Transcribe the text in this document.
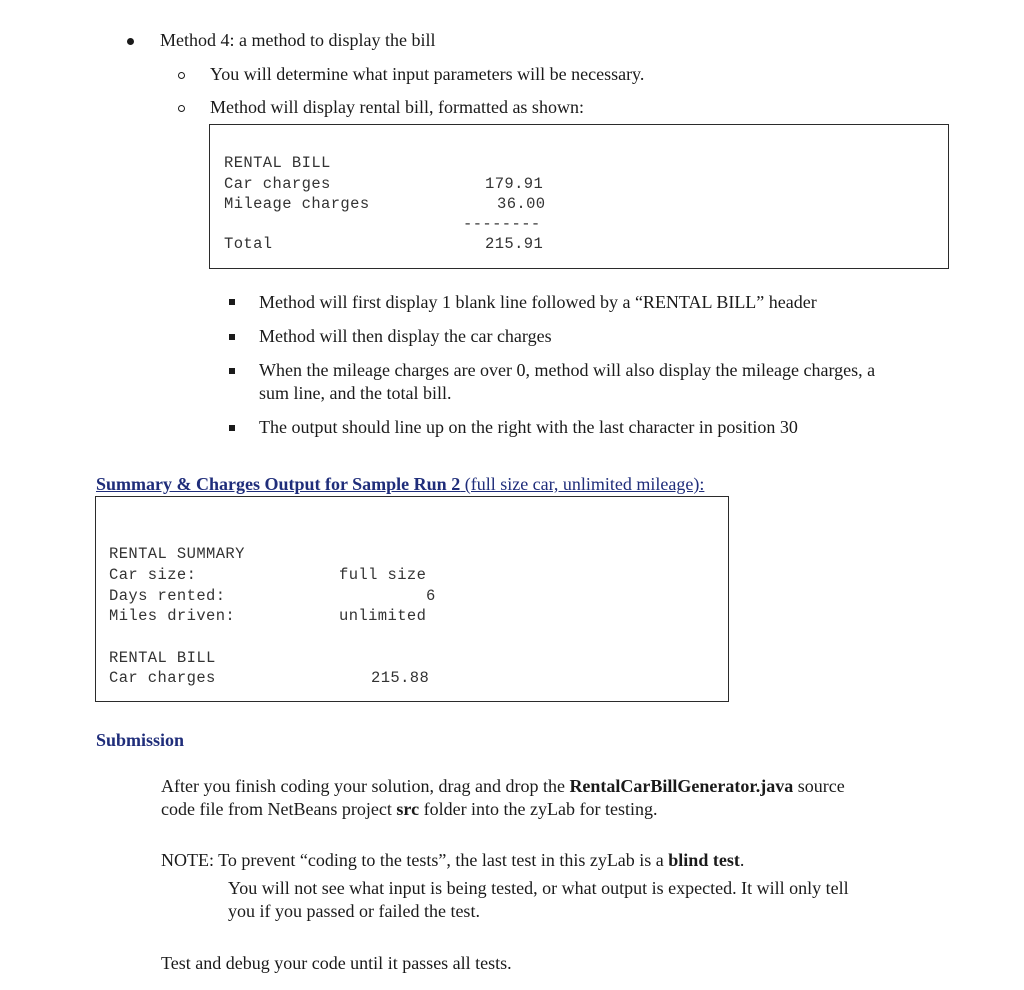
Method 4: a method to display the bill
You will determine what input parameters will be necessary.
Method will display rental bill, formatted as shown:
RENTAL BILL
Car charges	179.91
Mileage charges	36.00
--------
Total	215.91
Method will first display 1 blank line followed by a “RENTAL BILL” header
Method will then display the car charges
When the mileage charges are over 0, method will also display the mileage charges, a
sum line, and the total bill.
The output should line up on the right with the last character in position 30
Summary & Charges Output for Sample Run 2 (full size car, unlimited mileage):
RENTAL SUMMARY
Car size:	full size
Days rented:	6
Miles driven:	unlimited
RENTAL BILL
Car charges	215.88
Submission
After you finish coding your solution, drag and drop the RentalCarBillGenerator.java source
code file from NetBeans project src folder into the zyLab for testing.
NOTE: To prevent “coding to the tests”, the last test in this zyLab is a blind test.
You will not see what input is being tested, or what output is expected. It will only tell
you if you passed or failed the test.
Test and debug your code until it passes all tests.
